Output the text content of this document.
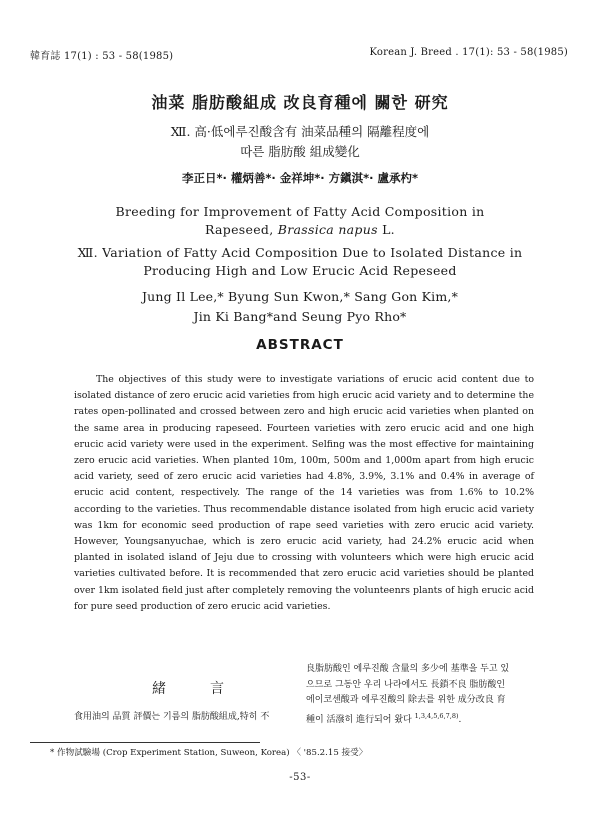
韓育誌 17(1) : 53 - 58(1985)	Korean J. Breed . 17(1): 53 - 58(1985)
油菜 脂肪酸組成 改良育種에 關한 研究
Ⅻ. 高·低에루진酸含有 油菜品種의 隔離程度에
따른 脂肪酸 組成變化
李正日*· 權炳善*· 金祥坤*· 方鎭淇*· 盧承杓*
Breeding for Improvement of Fatty Acid Composition in
Rapeseed, Brassica napus L.
Ⅻ. Variation of Fatty Acid Composition Due to Isolated Distance in
Producing High and Low Erucic Acid Repeseed
Jung Il Lee,* Byung Sun Kwon,* Sang Gon Kim,*
Jin Ki Bang*and Seung Pyo Rho*
ABSTRACT

The objectives of this study were to investigate variations of erucic acid content due to isolated distance of zero erucic acid varieties from high erucic acid variety and to determine the rates open-pollinated and crossed between zero and high erucic acid varieties when planted on the same area in producing rapeseed. Fourteen varieties with zero erucic acid and one high erucic acid variety were used in the experiment. Selfing was the most effective for maintaining zero erucic acid varieties. When planted 10m, 100m, 500m and 1,000m apart from high erucic acid variety, seed of zero erucic acid varieties had 4.8%, 3.9%, 3.1% and 0.4% in average of erucic acid content, respectively. The range of the 14 varieties was from 1.6% to 10.2% according to the varieties. Thus recommendable distance isolated from high erucic acid variety was 1km for economic seed production of rape seed varieties with zero erucic acid variety. However, Youngsanyuchae, which is zero erucic acid variety, had 24.2% erucic acid when planted in isolated island of Jeju due to crossing with volunteers which were high erucic acid varieties cultivated before. It is recommended that zero erucic acid varieties should be planted over 1km isolated field just after completely removing the volunteenrs plants of high erucic acid for pure seed production of zero erucic acid varieties.

緒言
食用油의 品質 評價는 기름의 脂肪酸組成,特히 不
良脂肪酸인 에루진酸 含量의 多少에 基準을 두고 있
으므로 그동안 우리 나라에서도 長鎖不良 脂肪酸인
에이코센酸과 에루진酸의 除去를 위한 成分改良 育
種이 活潑히 進行되어 왔다 $^{1,3,4,5,6,7,8)}$.
* 作物試驗場 (Crop Experiment Station, Suweon, Korea) 〈 '85.2.15 接受〉
-53-
